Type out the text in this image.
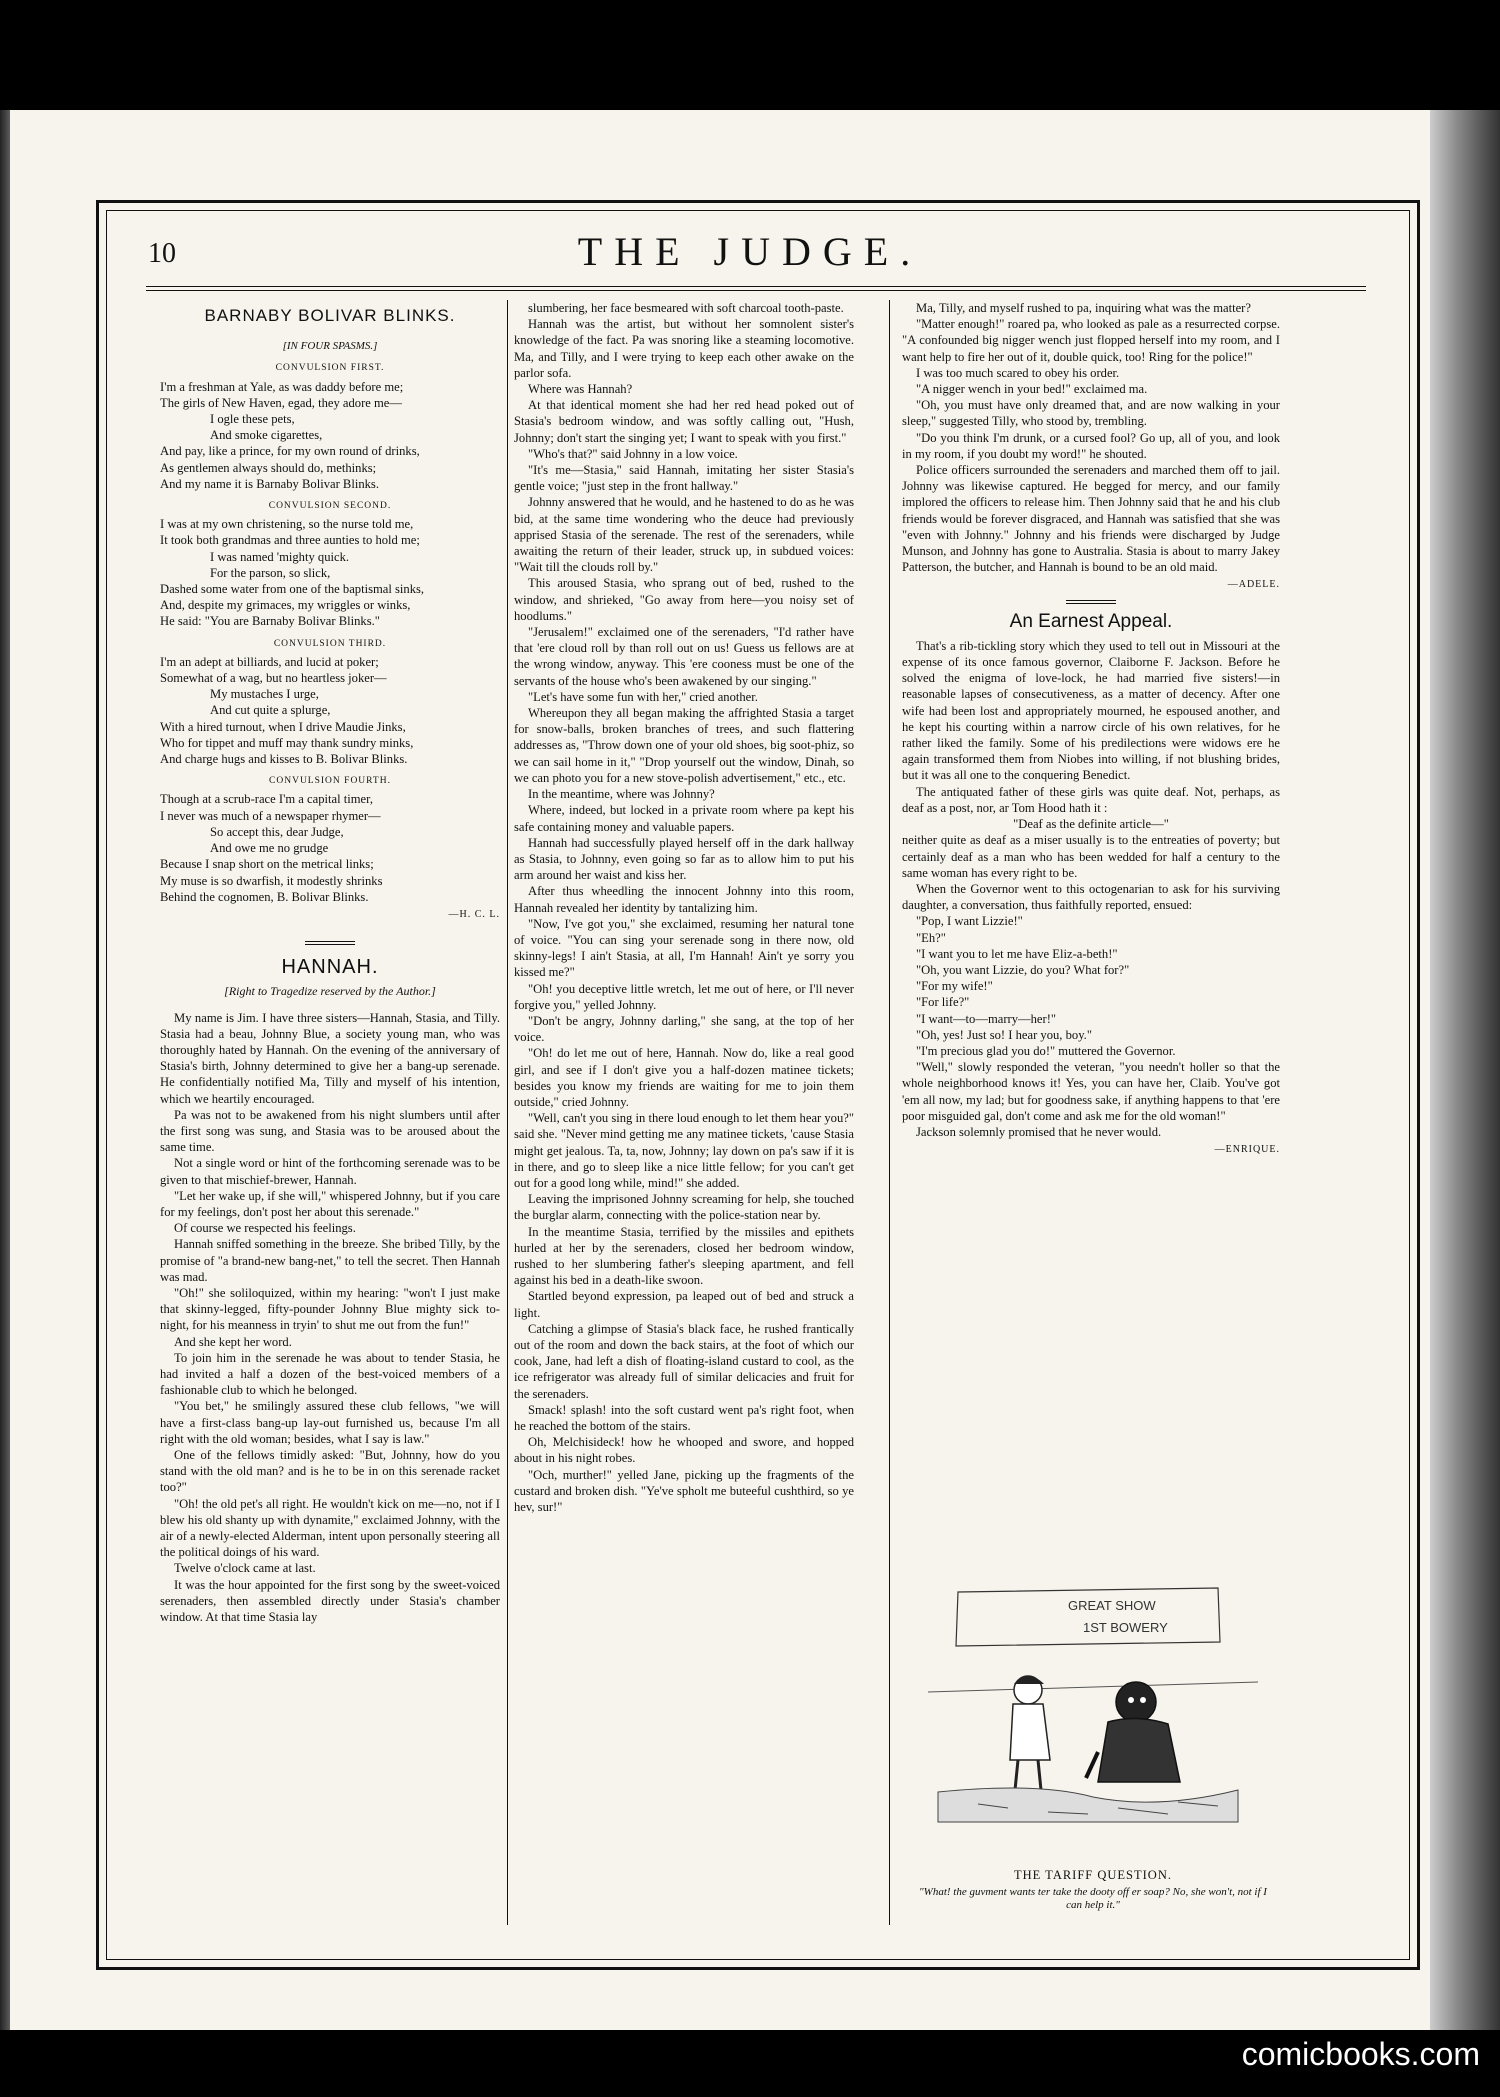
10	THE JUDGE.
BARNABY BOLIVAR BLINKS.
[IN FOUR SPASMS.]
CONVULSION FIRST.

I'm a freshman at Yale, as was daddy before me;

The girls of New Haven, egad, they adore me—

I ogle these pets,

And smoke cigarettes,

And pay, like a prince, for my own round of drinks,

As gentlemen always should do, methinks;

And my name it is Barnaby Bolivar Blinks.

CONVULSION SECOND.

I was at my own christening, so the nurse told me,

It took both grandmas and three aunties to hold me;

I was named 'mighty quick.

For the parson, so slick,

Dashed some water from one of the baptismal sinks,

And, despite my grimaces, my wriggles or winks,

He said: "You are Barnaby Bolivar Blinks."

CONVULSION THIRD.

I'm an adept at billiards, and lucid at poker;

Somewhat of a wag, but no heartless joker—

My mustaches I urge,

And cut quite a splurge,

With a hired turnout, when I drive Maudie Jinks,

Who for tippet and muff may thank sundry minks,

And charge hugs and kisses to B. Bolivar Blinks.

CONVULSION FOURTH.

Though at a scrub-race I'm a capital timer,

I never was much of a newspaper rhymer—

So accept this, dear Judge,

And owe me no grudge

Because I snap short on the metrical links;

My muse is so dwarfish, it modestly shrinks

Behind the cognomen, B. Bolivar Blinks.

—H. C. L.
HANNAH.
[Right to Tragedize reserved by the Author.]

My name is Jim. I have three sisters—Hannah, Stasia, and Tilly. Stasia had a beau, Johnny Blue, a society young man, who was thoroughly hated by Hannah. On the evening of the anniversary of Stasia's birth, Johnny determined to give her a bang-up serenade. He confidentially notified Ma, Tilly and myself of his intention, which we heartily encouraged.

Pa was not to be awakened from his night slumbers until after the first song was sung, and Stasia was to be aroused about the same time.

Not a single word or hint of the forthcoming serenade was to be given to that mischief-brewer, Hannah.

"Let her wake up, if she will," whispered Johnny, but if you care for my feelings, don't post her about this serenade."

Of course we respected his feelings.

Hannah sniffed something in the breeze. She bribed Tilly, by the promise of "a brand-new bang-net," to tell the secret. Then Hannah was mad.

"Oh!" she soliloquized, within my hearing: "won't I just make that skinny-legged, fifty-pounder Johnny Blue mighty sick to-night, for his meanness in tryin' to shut me out from the fun!"

And she kept her word.

To join him in the serenade he was about to tender Stasia, he had invited a half a dozen of the best-voiced members of a fashionable club to which he belonged.

"You bet," he smilingly assured these club fellows, "we will have a first-class bang-up lay-out furnished us, because I'm all right with the old woman; besides, what I say is law."

One of the fellows timidly asked: "But, Johnny, how do you stand with the old man? and is he to be in on this serenade racket too?"

"Oh! the old pet's all right. He wouldn't kick on me—no, not if I blew his old shanty up with dynamite," exclaimed Johnny, with the air of a newly-elected Alderman, intent upon personally steering all the political doings of his ward.

Twelve o'clock came at last.

It was the hour appointed for the first song by the sweet-voiced serenaders, then assembled directly under Stasia's chamber window. At that time Stasia lay

slumbering, her face besmeared with soft charcoal tooth-paste.

Hannah was the artist, but without her somnolent sister's knowledge of the fact. Pa was snoring like a steaming locomotive. Ma, and Tilly, and I were trying to keep each other awake on the parlor sofa.

Where was Hannah?

At that identical moment she had her red head poked out of Stasia's bedroom window, and was softly calling out, "Hush, Johnny; don't start the singing yet; I want to speak with you first."

"Who's that?" said Johnny in a low voice.

"It's me—Stasia," said Hannah, imitating her sister Stasia's gentle voice; "just step in the front hallway."

Johnny answered that he would, and he hastened to do as he was bid, at the same time wondering who the deuce had previously apprised Stasia of the serenade. The rest of the serenaders, while awaiting the return of their leader, struck up, in subdued voices: "Wait till the clouds roll by."

This aroused Stasia, who sprang out of bed, rushed to the window, and shrieked, "Go away from here—you noisy set of hoodlums."

"Jerusalem!" exclaimed one of the serenaders, "I'd rather have that 'ere cloud roll by than roll out on us! Guess us fellows are at the wrong window, anyway. This 'ere cooness must be one of the servants of the house who's been awakened by our singing."

"Let's have some fun with her," cried another.

Whereupon they all began making the affrighted Stasia a target for snow-balls, broken branches of trees, and such flattering addresses as, "Throw down one of your old shoes, big soot-phiz, so we can sail home in it," "Drop yourself out the window, Dinah, so we can photo you for a new stove-polish advertisement," etc., etc.

In the meantime, where was Johnny?

Where, indeed, but locked in a private room where pa kept his safe containing money and valuable papers.

Hannah had successfully played herself off in the dark hallway as Stasia, to Johnny, even going so far as to allow him to put his arm around her waist and kiss her.

After thus wheedling the innocent Johnny into this room, Hannah revealed her identity by tantalizing him.

"Now, I've got you," she exclaimed, resuming her natural tone of voice. "You can sing your serenade song in there now, old skinny-legs! I ain't Stasia, at all, I'm Hannah! Ain't ye sorry you kissed me?"

"Oh! you deceptive little wretch, let me out of here, or I'll never forgive you," yelled Johnny.

"Don't be angry, Johnny darling," she sang, at the top of her voice.

"Oh! do let me out of here, Hannah. Now do, like a real good girl, and see if I don't give you a half-dozen matinee tickets; besides you know my friends are waiting for me to join them outside," cried Johnny.

"Well, can't you sing in there loud enough to let them hear you?" said she. "Never mind getting me any matinee tickets, 'cause Stasia might get jealous. Ta, ta, now, Johnny; lay down on pa's saw if it is in there, and go to sleep like a nice little fellow; for you can't get out for a good long while, mind!" she added.

Leaving the imprisoned Johnny screaming for help, she touched the burglar alarm, connecting with the police-station near by.

In the meantime Stasia, terrified by the missiles and epithets hurled at her by the serenaders, closed her bedroom window, rushed to her slumbering father's sleeping apartment, and fell against his bed in a death-like swoon.

Startled beyond expression, pa leaped out of bed and struck a light.

Catching a glimpse of Stasia's black face, he rushed frantically out of the room and down the back stairs, at the foot of which our cook, Jane, had left a dish of floating-island custard to cool, as the ice refrigerator was already full of similar delicacies and fruit for the serenaders.

Smack! splash! into the soft custard went pa's right foot, when he reached the bottom of the stairs.

Oh, Melchisideck! how he whooped and swore, and hopped about in his night robes.

"Och, murther!" yelled Jane, picking up the fragments of the custard and broken dish. "Ye've spholt me buteeful cushthird, so ye hev, sur!"

Ma, Tilly, and myself rushed to pa, inquiring what was the matter?

"Matter enough!" roared pa, who looked as pale as a resurrected corpse. "A confounded big nigger wench just flopped herself into my room, and I want help to fire her out of it, double quick, too! Ring for the police!"

I was too much scared to obey his order.

"A nigger wench in your bed!" exclaimed ma.

"Oh, you must have only dreamed that, and are now walking in your sleep," suggested Tilly, who stood by, trembling.

"Do you think I'm drunk, or a cursed fool? Go up, all of you, and look in my room, if you doubt my word!" he shouted.

Police officers surrounded the serenaders and marched them off to jail. Johnny was likewise captured. He begged for mercy, and our family implored the officers to release him. Then Johnny said that he and his club friends would be forever disgraced, and Hannah was satisfied that she was "even with Johnny." Johnny and his friends were discharged by Judge Munson, and Johnny has gone to Australia. Stasia is about to marry Jakey Patterson, the butcher, and Hannah is bound to be an old maid.

—ADELE.
An Earnest Appeal.

That's a rib-tickling story which they used to tell out in Missouri at the expense of its once famous governor, Claiborne F. Jackson. Before he solved the enigma of love-lock, he had married five sisters!—in reasonable lapses of consecutiveness, as a matter of decency. After one wife had been lost and appropriately mourned, he espoused another, and he kept his courting within a narrow circle of his own relatives, for he rather liked the family. Some of his predilections were widows ere he again transformed them from Niobes into willing, if not blushing brides, but it was all one to the conquering Benedict.

The antiquated father of these girls was quite deaf. Not, perhaps, as deaf as a post, nor, ar Tom Hood hath it :

"Deaf as the definite article—"

neither quite as deaf as a miser usually is to the entreaties of poverty; but certainly deaf as a man who has been wedded for half a century to the same woman has every right to be.

When the Governor went to this octogenarian to ask for his surviving daughter, a conversation, thus faithfully reported, ensued:

"Pop, I want Lizzie!"

"Eh?"

"I want you to let me have Eliz-a-beth!"

"Oh, you want Lizzie, do you? What for?"

"For my wife!"

"For life?"

"I want—to—marry—her!"

"Oh, yes! Just so! I hear you, boy."

"I'm precious glad you do!" muttered the Governor.

"Well," slowly responded the veteran, "you needn't holler so that the whole neighborhood knows it! Yes, you can have her, Claib. You've got 'em all now, my lad; but for goodness sake, if anything happens to that 'ere poor misguided gal, don't come and ask me for the old woman!"

Jackson solemnly promised that he never would.

—ENRIQUE.
GREAT SHOW
1ST BOWERY
THE TARIFF QUESTION.
"What! the guvment wants ter take the dooty off er soap? No, she won't, not if I can help it."
comicbooks.com
